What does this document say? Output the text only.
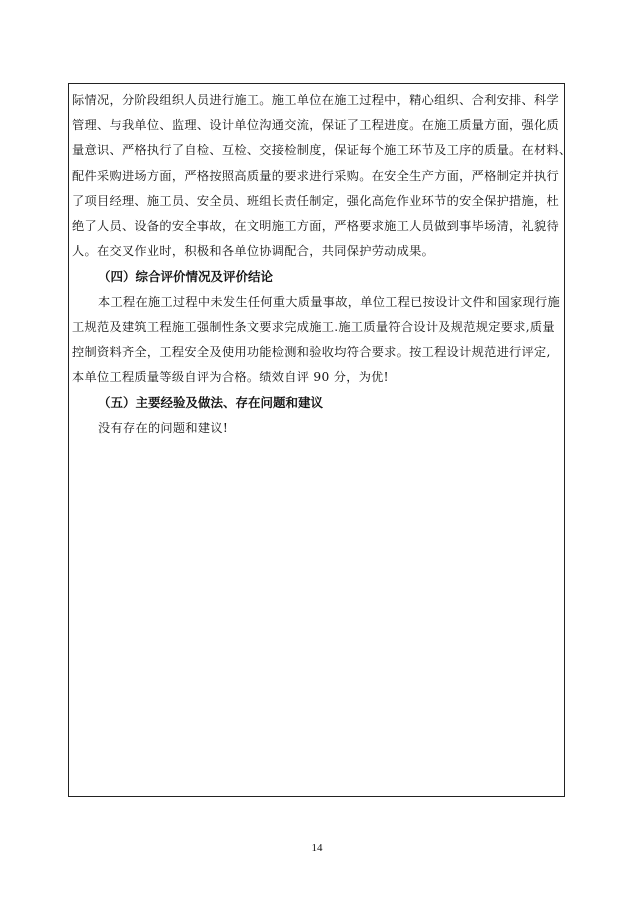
际情况，分阶段组织人员进行施工。施工单位在施工过程中，精心组织、合利安排、科学
管理、与我单位、监理、设计单位沟通交流，保证了工程进度。在施工质量方面，强化质
量意识、严格执行了自检、互检、交接检制度，保证每个施工环节及工序的质量。在材料、
配件采购进场方面，严格按照高质量的要求进行采购。在安全生产方面，严格制定并执行
了项目经理、施工员、安全员、班组长责任制定，强化高危作业环节的安全保护措施，杜
绝了人员、设备的安全事故，在文明施工方面，严格要求施工人员做到事毕场清，礼貌待
人。在交叉作业时，积极和各单位协调配合，共同保护劳动成果。

（四）综合评价情况及评价结论

本工程在施工过程中未发生任何重大质量事故，单位工程已按设计文件和国家现行施
工规范及建筑工程施工强制性条文要求完成施工.施工质量符合设计及规范规定要求,质量
控制资料齐全，工程安全及使用功能检测和验收均符合要求。按工程设计规范进行评定,
本单位工程质量等级自评为合格。绩效自评 90 分，为优!

（五）主要经验及做法、存在问题和建议

没有存在的问题和建议!

14
